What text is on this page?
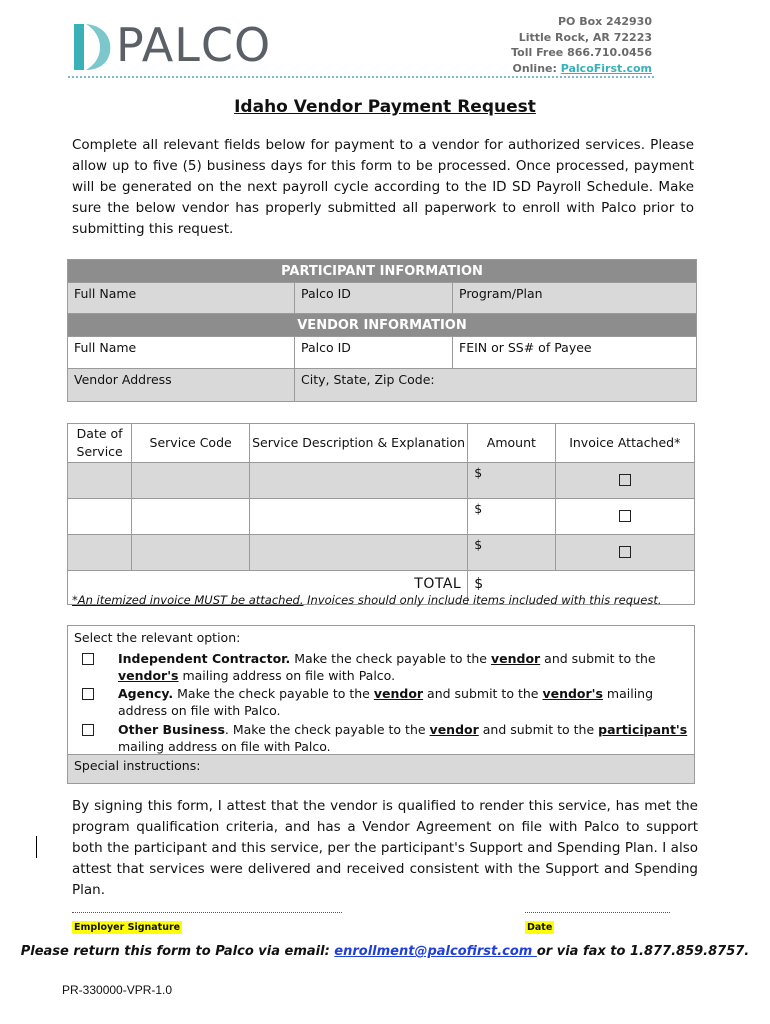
PALCO	PO Box 242930
Little Rock, AR 72223
Toll Free 866.710.0456
Online: PalcoFirst.com
Idaho Vendor Payment Request
Complete all relevant fields below for payment to a vendor for authorized services. Please allow up to five (5) business days for this form to be processed. Once processed, payment will be generated on the next payroll cycle according to the ID SD Payroll Schedule. Make sure the below vendor has properly submitted all paperwork to enroll with Palco prior to submitting this request.
PARTICIPANT INFORMATION
Full Name	Palco ID	Program/Plan
VENDOR INFORMATION
Full Name	Palco ID	FEIN or SS# of Payee
Vendor Address	City, State, Zip Code:
Date of Service	Service Code	Service Description & Explanation	Amount	Invoice Attached*
			$	
			$	
			$	
TOTAL			$	
*An itemized invoice MUST be attached. Invoices should only include items included with this request.
Select the relevant option:
Independent Contractor. Make the check payable to the vendor and submit to the vendor's mailing address on file with Palco.
Agency. Make the check payable to the vendor and submit to the vendor's mailing address on file with Palco.
Other Business. Make the check payable to the vendor and submit to the participant's mailing address on file with Palco.
Special instructions:
By signing this form, I attest that the vendor is qualified to render this service, has met the program qualification criteria, and has a Vendor Agreement on file with Palco to support both the participant and this service, per the participant's Support and Spending Plan. I also attest that services were delivered and received consistent with the Support and Spending Plan.
Employer Signature	Date
Please return this form to Palco via email: enrollment@palcofirst.com or via fax to 1.877.859.8757.
PR-330000-VPR-1.0
